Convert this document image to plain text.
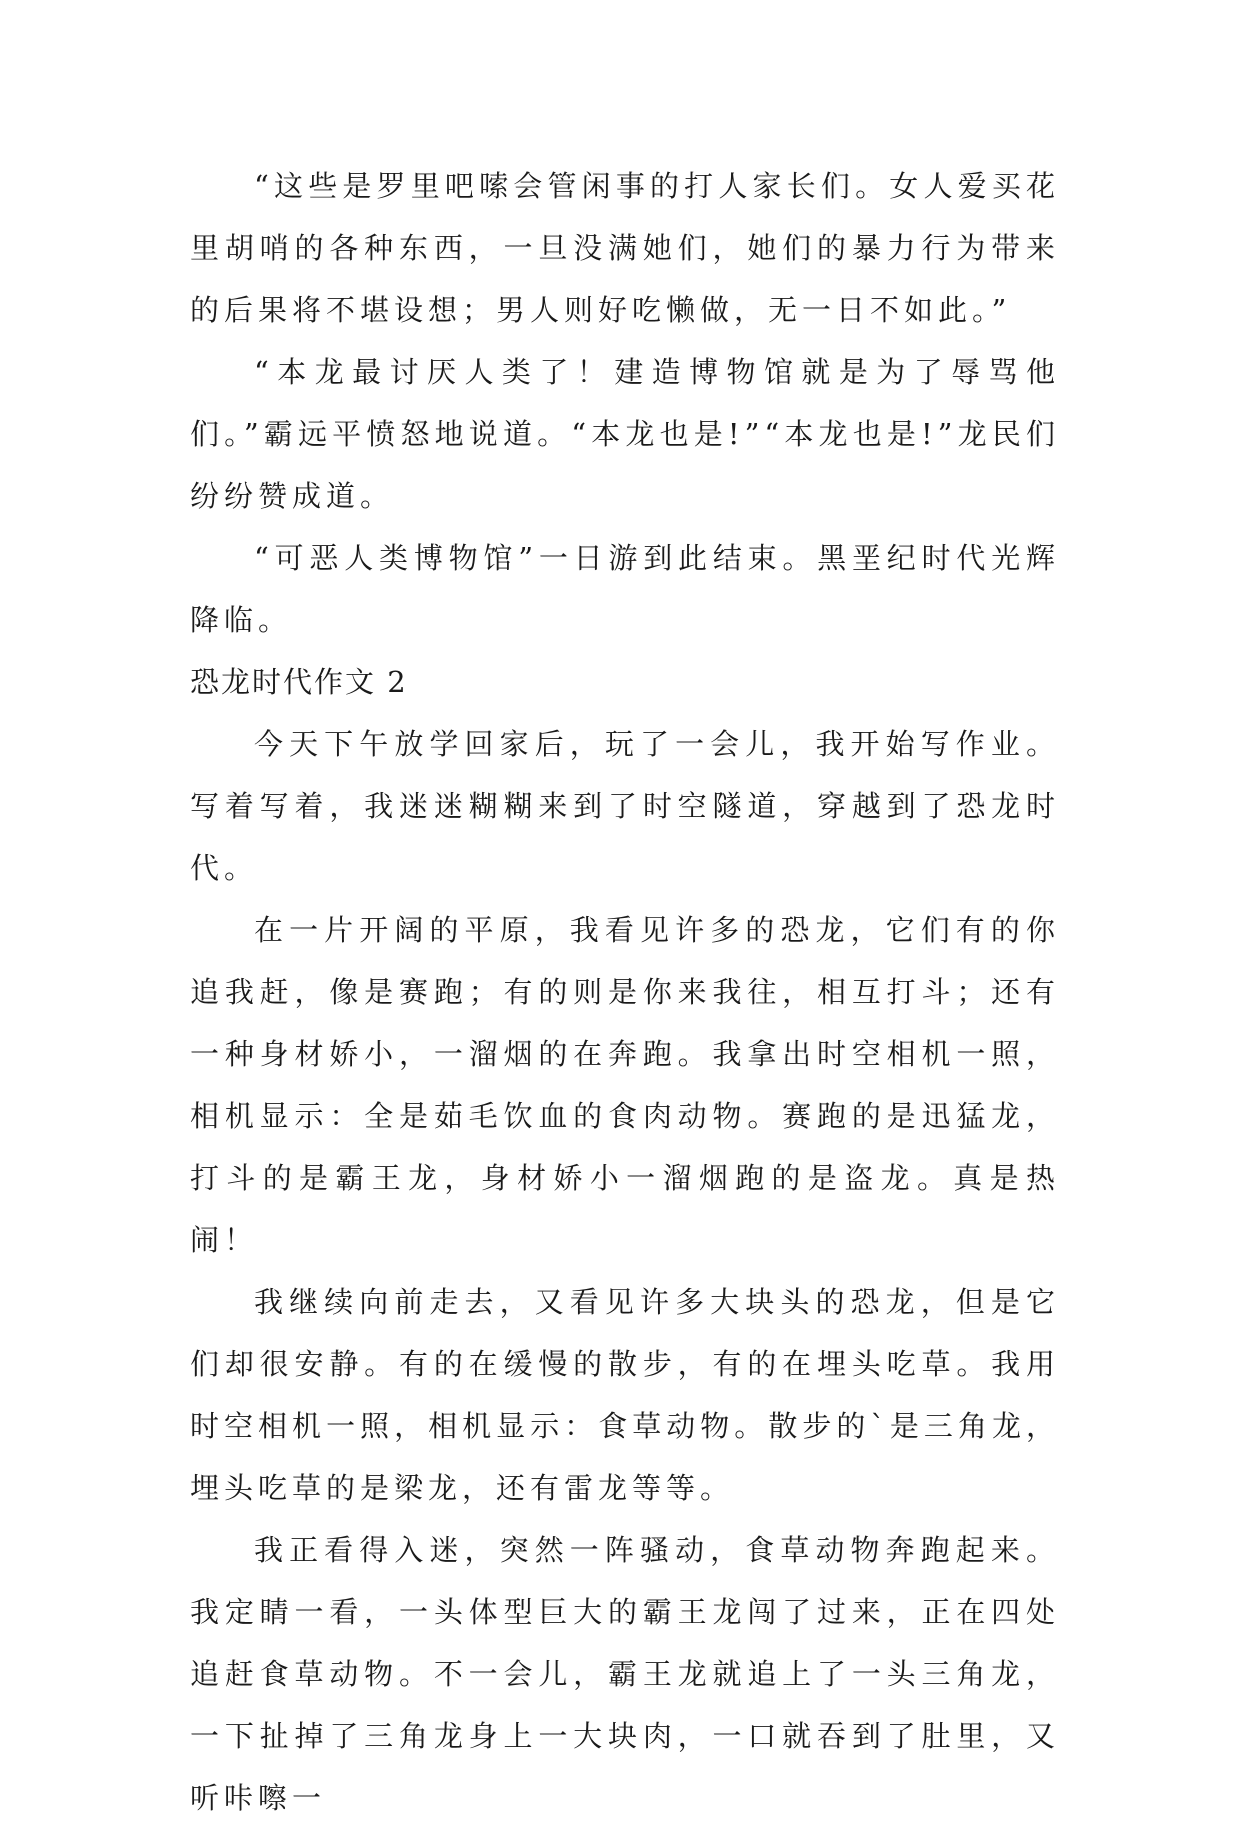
“这些是罗里吧嗦会管闲事的打人家长们。女人爱买花里胡哨的各种东西，一旦没满她们，她们的暴力行为带来的后果将不堪设想；男人则好吃懒做，无一日不如此。”

“本龙最讨厌人类了！建造博物馆就是为了辱骂他们。”霸远平愤怒地说道。“本龙也是!”“本龙也是!”龙民们纷纷赞成道。

“可恶人类博物馆”一日游到此结束。黑垩纪时代光辉降临。

恐龙时代作文 2

今天下午放学回家后，玩了一会儿，我开始写作业。写着写着，我迷迷糊糊来到了时空隧道，穿越到了恐龙时代。

在一片开阔的平原，我看见许多的恐龙，它们有的你追我赶，像是赛跑；有的则是你来我往，相互打斗；还有一种身材娇小，一溜烟的在奔跑。我拿出时空相机一照，相机显示：全是茹毛饮血的食肉动物。赛跑的是迅猛龙，打斗的是霸王龙，身材娇小一溜烟跑的是盗龙。真是热闹！

我继续向前走去，又看见许多大块头的恐龙，但是它们却很安静。有的在缓慢的散步，有的在埋头吃草。我用时空相机一照，相机显示：食草动物。散步的`是三角龙，埋头吃草的是梁龙，还有雷龙等等。

我正看得入迷，突然一阵骚动，食草动物奔跑起来。我定睛一看，一头体型巨大的霸王龙闯了过来，正在四处追赶食草动物。不一会儿，霸王龙就追上了一头三角龙，一下扯掉了三角龙身上一大块肉，一口就吞到了肚里，又听咔嚓一
